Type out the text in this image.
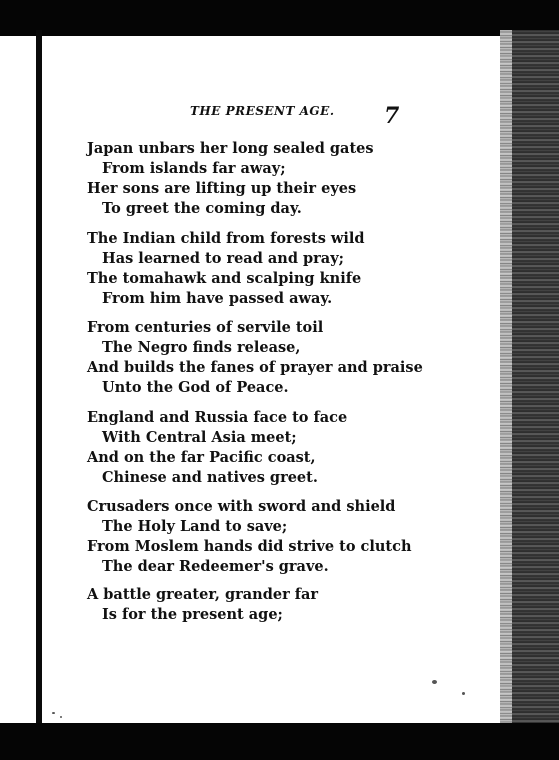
THE PRESENT AGE. 7
Japan unbars her long sealed gates
From islands far away;
Her sons are lifting up their eyes
To greet the coming day.
The Indian child from forests wild
Has learned to read and pray;
The tomahawk and scalping knife
From him have passed away.
From centuries of servile toil
The Negro finds release,
And builds the fanes of prayer and praise
Unto the God of Peace.
England and Russia face to face
With Central Asia meet;
And on the far Pacific coast,
Chinese and natives greet.
Crusaders once with sword and shield
The Holy Land to save;
From Moslem hands did strive to clutch
The dear Redeemer's grave.
A battle greater, grander far
Is for the present age;
